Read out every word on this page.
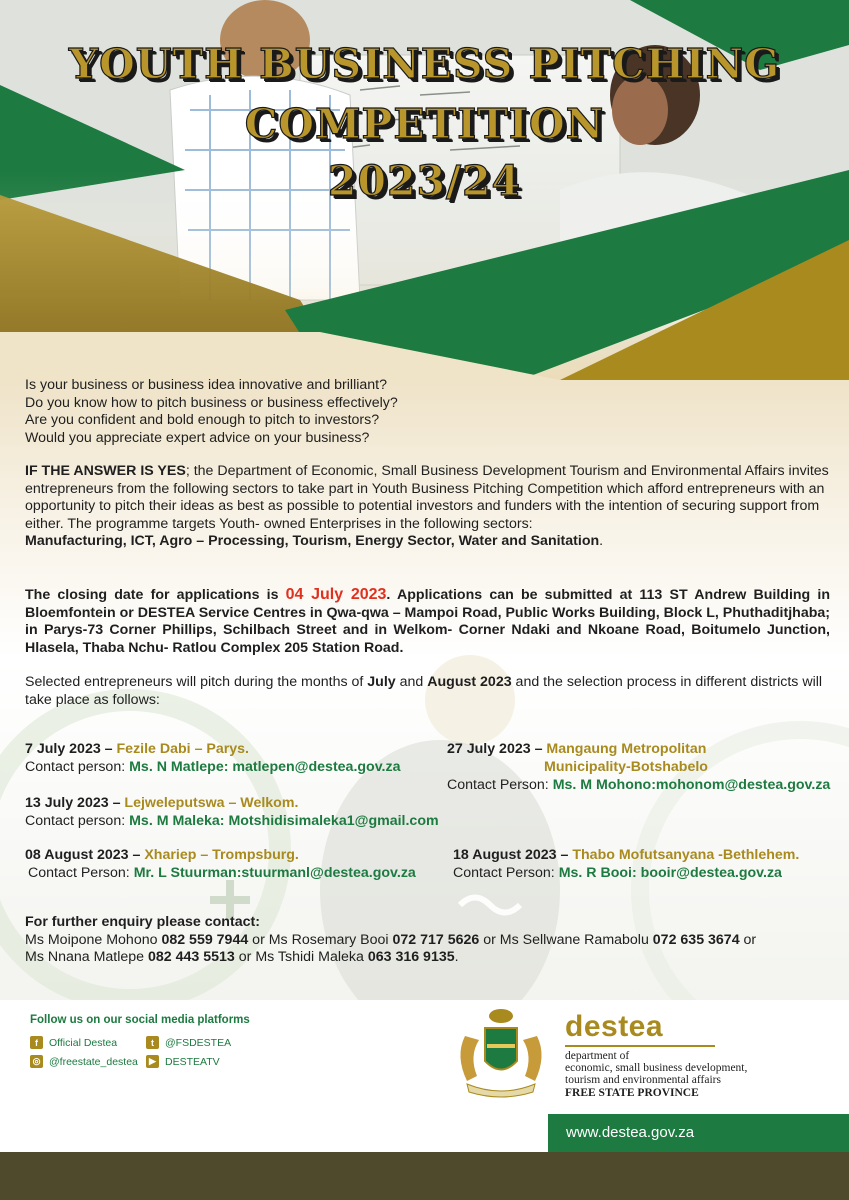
YOUTH BUSINESS PITCHING
COMPETITION
2023/24

Is your business or business idea innovative and brilliant?

Do you know how to pitch business or business effectively?

Are you confident and bold enough to pitch to investors?

Would you appreciate expert advice on your business?

IF THE ANSWER IS YES; the Department of Economic, Small Business Development Tourism and Environmental Affairs invites entrepreneurs from the following sectors to take part in Youth Business Pitching Competition which afford entrepreneurs with an opportunity to pitch their ideas as best as possible to potential investors and funders with the intention of securing support from either. The programme targets Youth- owned Enterprises in the following sectors:

Manufacturing, ICT, Agro – Processing, Tourism, Energy Sector, Water and Sanitation.

The closing date for applications is 04 July 2023. Applications can be submitted at 113 ST Andrew Building in Bloemfontein or DESTEA Service Centres in Qwa-qwa – Mampoi Road, Public Works Building, Block L, Phuthaditjhaba; in Parys-73 Corner Phillips, Schilbach Street and in Welkom- Corner Ndaki and Nkoane Road, Boitumelo Junction, Hlasela, Thaba Nchu- Ratlou Complex 205 Station Road.

Selected entrepreneurs will pitch during the months of July and August 2023 and the selection process in different districts will take place as follows:

7 July 2023 – Fezile Dabi – Parys.

Contact person: Ms. N Matlepe: matlepen@destea.gov.za

27 July 2023 – Mangaung Metropolitan

Municipality-Botshabelo

Contact Person: Ms. M Mohono:mohonom@destea.gov.za

13 July 2023 – Lejweleputswa – Welkom.

Contact person: Ms. M Maleka: Motshidisimaleka1@gmail.com

08 August 2023 – Xhariep – Trompsburg.

Contact Person: Mr. L Stuurman:stuurmanl@destea.gov.za

18 August 2023 – Thabo Mofutsanyana -Bethlehem.

Contact Person: Ms. R Booi: booir@destea.gov.za

For further enquiry please contact:

Ms Moipone Mohono 082 559 7944 or Ms Rosemary Booi 072 717 5626 or Ms Sellwane Ramabolu 072 635 3674 or

Ms Nnana Matlepe 082 443 5513 or Ms Tshidi Maleka 063 316 9135.

Follow us on our social media platforms
f	Official Destea	t	@FSDESTEA
◎ @freestate_destea	▶ DESTEATV
destea
department of
economic, small business development,
tourism and environmental affairs
FREE STATE PROVINCE
www.destea.gov.za
